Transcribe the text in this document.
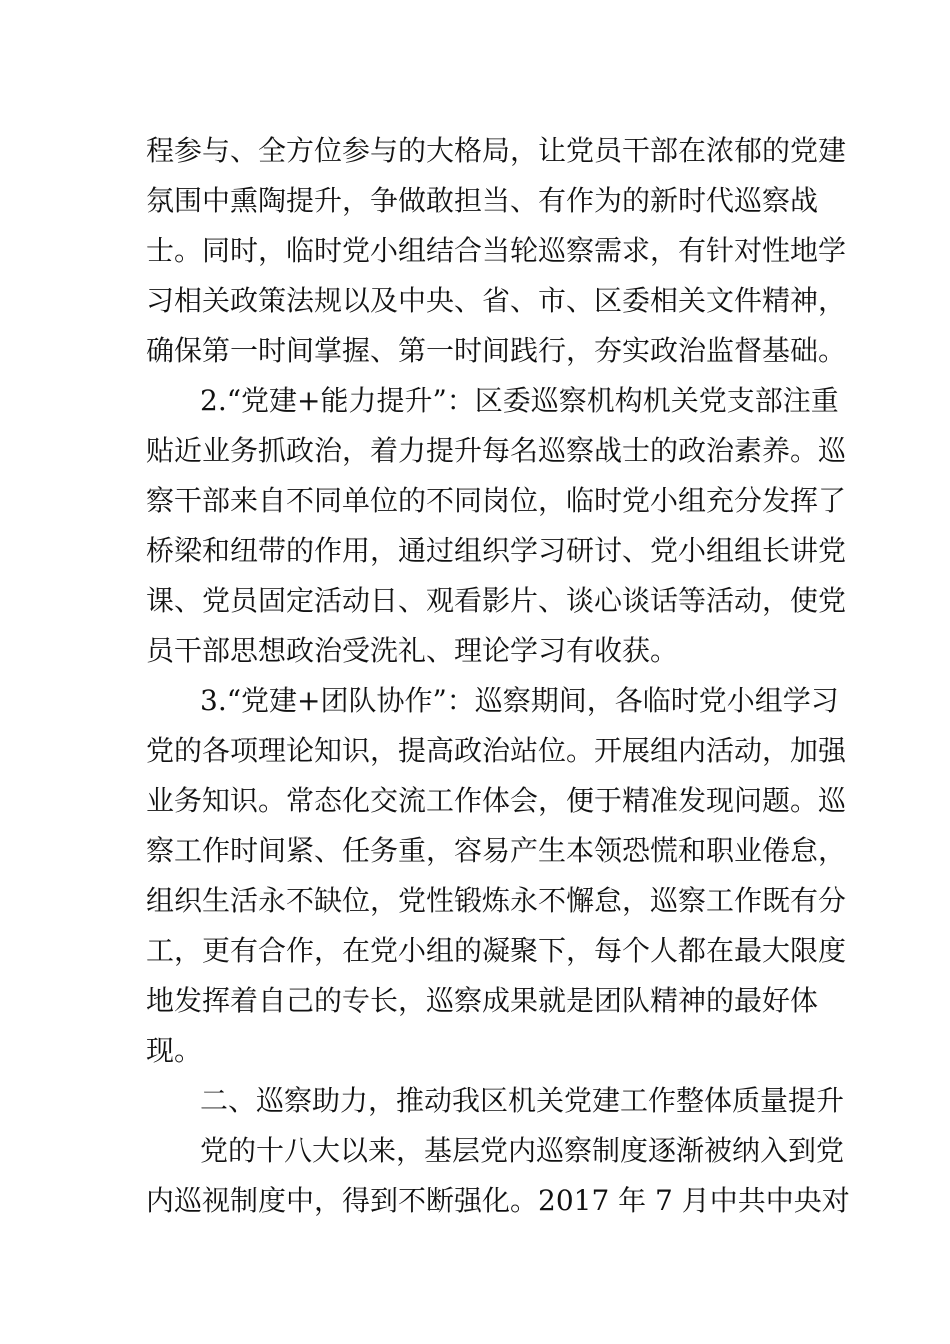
程参与、全方位参与的大格局，让党员干部在浓郁的党建
氛围中熏陶提升，争做敢担当、有作为的新时代巡察战
士。同时，临时党小组结合当轮巡察需求，有针对性地学
习相关政策法规以及中央、省、市、区委相关文件精神，
确保第一时间掌握、第一时间践行，夯实政治监督基础。
2.“党建+能力提升”：区委巡察机构机关党支部注重
贴近业务抓政治，着力提升每名巡察战士的政治素养。巡
察干部来自不同单位的不同岗位，临时党小组充分发挥了
桥梁和纽带的作用，通过组织学习研讨、党小组组长讲党
课、党员固定活动日、观看影片、谈心谈话等活动，使党
员干部思想政治受洗礼、理论学习有收获。
3.“党建+团队协作”：巡察期间，各临时党小组学习
党的各项理论知识，提高政治站位。开展组内活动，加强
业务知识。常态化交流工作体会，便于精准发现问题。巡
察工作时间紧、任务重，容易产生本领恐慌和职业倦怠，
组织生活永不缺位，党性锻炼永不懈怠，巡察工作既有分
工，更有合作，在党小组的凝聚下，每个人都在最大限度
地发挥着自己的专长，巡察成果就是团队精神的最好体
现。
二、巡察助力，推动我区机关党建工作整体质量提升
党的十八大以来，基层党内巡察制度逐渐被纳入到党
内巡视制度中，得到不断强化。2017 年 7 月中共中央对
